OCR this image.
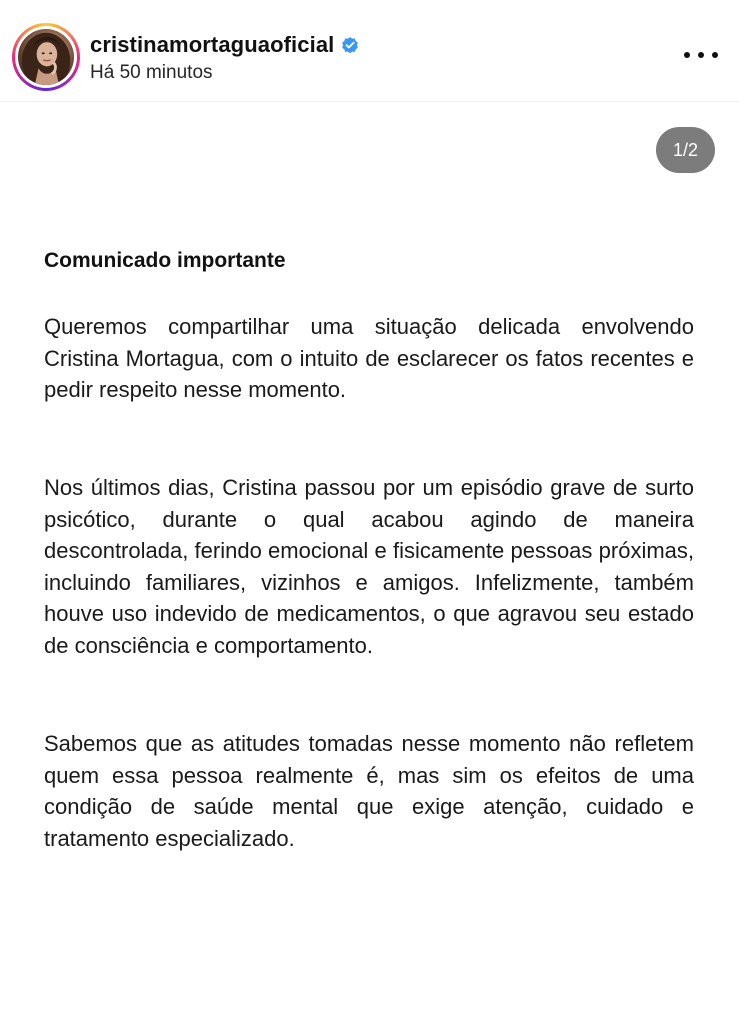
cristinamortaguaoficial
Há 50 minutos
1/2
Comunicado importante

Queremos compartilhar uma situação delicada envolvendo Cristina Mortagua, com o intuito de esclarecer os fatos recentes e pedir respeito nesse momento.

Nos últimos dias, Cristina passou por um episódio grave de surto psicótico, durante o qual acabou agindo de maneira descontrolada, ferindo emocional e fisicamente pessoas próximas, incluindo familiares, vizinhos e amigos. Infelizmente, também houve uso indevido de medicamentos, o que agravou seu estado de consciência e comportamento.

Sabemos que as atitudes tomadas nesse momento não refletem quem essa pessoa realmente é, mas sim os efeitos de uma condição de saúde mental que exige atenção, cuidado e tratamento especializado.
